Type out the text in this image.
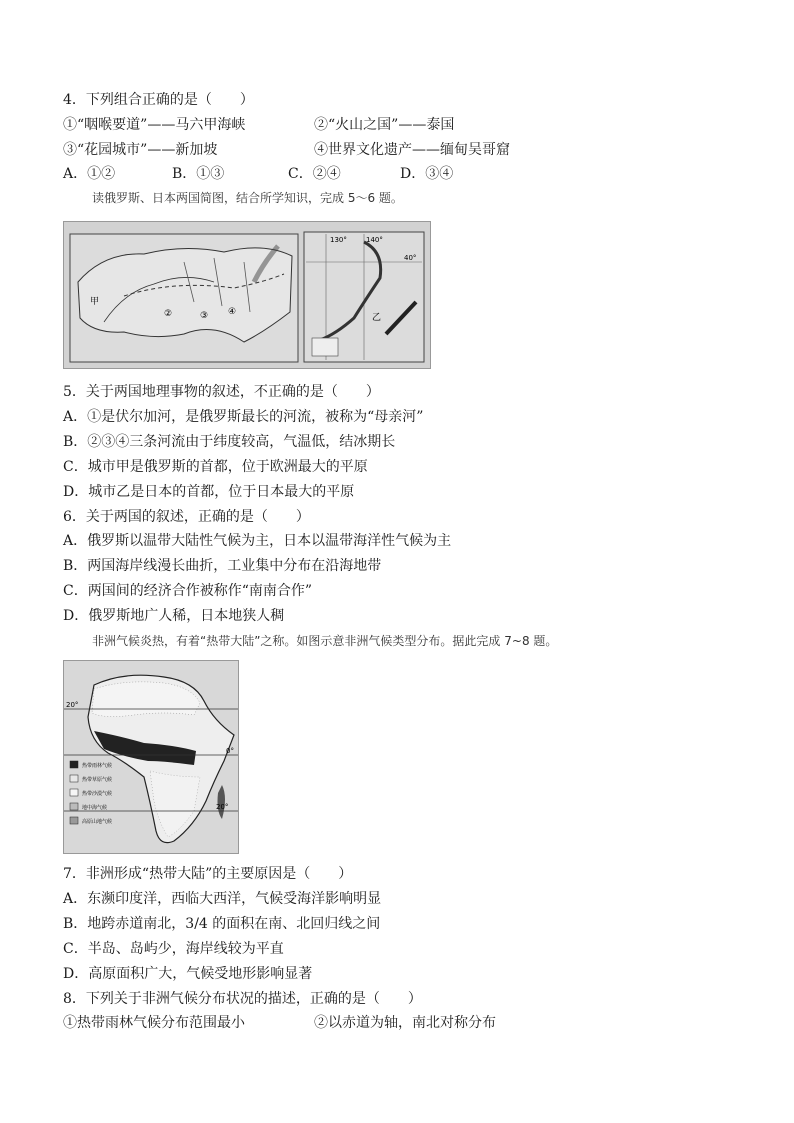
4．下列组合正确的是（　　）
①“咽喉要道”——马六甲海峡	②“火山之国”——泰国
③“花园城市”——新加坡	④世界文化遗产——缅甸吴哥窟
A．①②	B．①③	C．②④	D．③④
读俄罗斯、日本两国简图，结合所学知识，完成 5～6 题。
甲
②	③ ④
130°	140°
40°
乙
5．关于两国地理事物的叙述，不正确的是（　　）
A．①是伏尔加河，是俄罗斯最长的河流，被称为“母亲河”
B．②③④三条河流由于纬度较高，气温低，结冰期长
C．城市甲是俄罗斯的首都，位于欧洲最大的平原
D．城市乙是日本的首都，位于日本最大的平原
6．关于两国的叙述，正确的是（　　）
A．俄罗斯以温带大陆性气候为主，日本以温带海洋性气候为主
B．两国海岸线漫长曲折，工业集中分布在沿海地带
C．两国间的经济合作被称作“南南合作”
D．俄罗斯地广人稀，日本地狭人稠
非洲气候炎热，有着“热带大陆”之称。如图示意非洲气候类型分布。据此完成 7~8 题。
20°
0°
20°
热带雨林气候
热带草原气候
热带沙漠气候
地中海气候
高原山地气候
7．非洲形成“热带大陆”的主要原因是（　　）
A．东濒印度洋，西临大西洋，气候受海洋影响明显
B．地跨赤道南北，3/4 的面积在南、北回归线之间
C．半岛、岛屿少，海岸线较为平直
D．高原面积广大，气候受地形影响显著
8．下列关于非洲气候分布状况的描述，正确的是（　　）
①热带雨林气候分布范围最小	②以赤道为轴，南北对称分布
